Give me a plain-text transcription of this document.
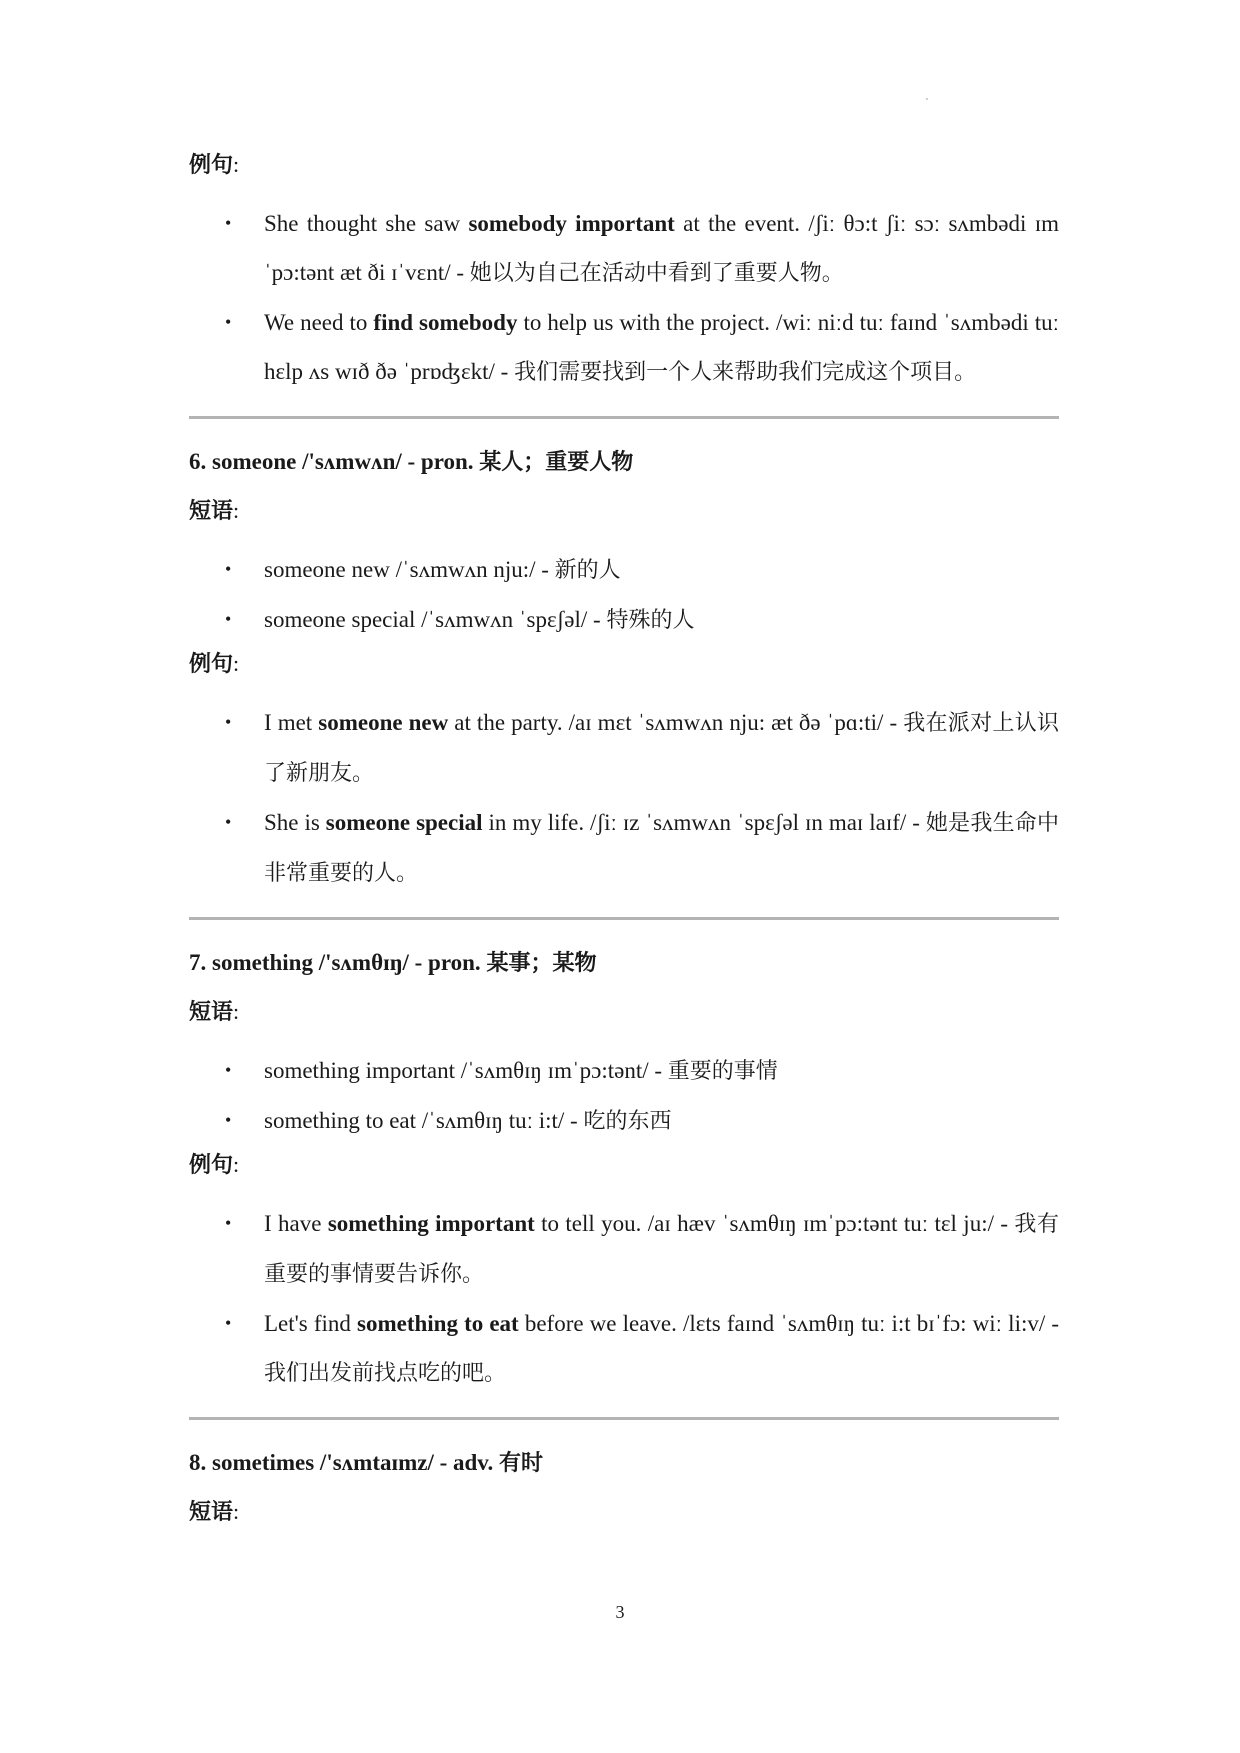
例句:
• She thought she saw somebody important at the event. /ʃiː θɔ:t ʃiː sɔː sʌmbədi ɪmˈpɔ:tənt æt ði ɪˈvɛnt/ - 她以为自己在活动中看到了重要人物。
• We need to find somebody to help us with the project. /wiː niːd tuː faɪnd ˈsʌmbədi tuː hɛlp ʌs wɪð ðə ˈprɒʤɛkt/ - 我们需要找到一个人来帮助我们完成这个项目。
6. someone /'sʌmwʌn/ - pron. 某人；重要人物
短语:
• someone new /ˈsʌmwʌn nju:/ - 新的人
• someone special /ˈsʌmwʌn ˈspɛʃəl/ - 特殊的人
例句:
• I met someone new at the party. /aɪ mɛt ˈsʌmwʌn nju: æt ðə ˈpɑ:ti/ - 我在派对上认识了新朋友。
• She is someone special in my life. /ʃiː ɪz ˈsʌmwʌn ˈspɛʃəl ɪn maɪ laɪf/ - 她是我生命中非常重要的人。
7. something /'sʌmθɪŋ/ - pron. 某事；某物
短语:
• something important /ˈsʌmθɪŋ ɪmˈpɔ:tənt/ - 重要的事情
• something to eat /ˈsʌmθɪŋ tuː i:t/ - 吃的东西
例句:
• I have something important to tell you. /aɪ hæv ˈsʌmθɪŋ ɪmˈpɔ:tənt tuː tɛl ju:/ - 我有重要的事情要告诉你。
• Let's find something to eat before we leave. /lɛts faɪnd ˈsʌmθɪŋ tuː i:t bɪˈfɔ: wiː li:v/ - 我们出发前找点吃的吧。
8. sometimes /'sʌmtaɪmz/ - adv. 有时
短语:
3
